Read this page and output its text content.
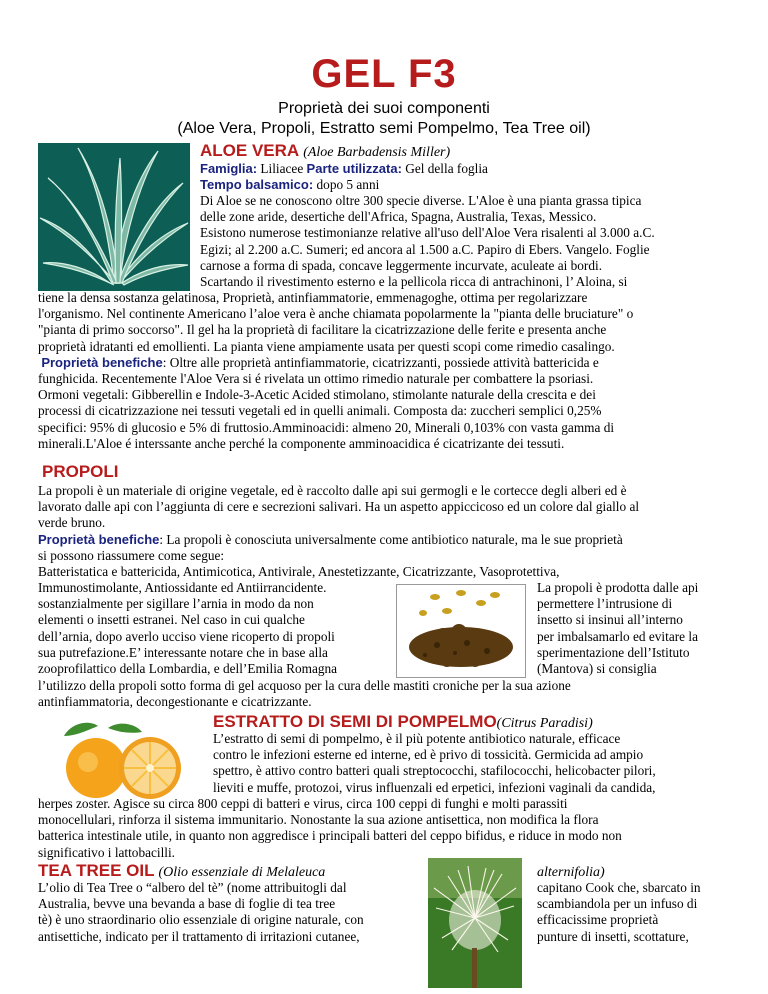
GEL F3
Proprietà dei suoi componenti
(Aloe Vera, Propoli, Estratto semi Pompelmo, Tea Tree oil)
ALOE VERA (Aloe Barbadensis Miller)
Famiglia: Liliacee Parte utilizzata: Gel della foglia
Tempo balsamico: dopo 5 anni
Di Aloe se ne conoscono oltre 300 specie diverse. L'Aloe è una pianta grassa tipica
delle zone aride, desertiche dell'Africa, Spagna, Australia, Texas, Messico.
Esistono numerose testimonianze relative all'uso dell'Aloe Vera risalenti al 3.000 a.C.
Egizi; al 2.200 a.C. Sumeri; ed ancora al 1.500 a.C. Papiro di Ebers. Vangelo. Foglie
carnose a forma di spada, concave leggermente incurvate, aculeate ai bordi.
Scartando il rivestimento esterno e la pellicola ricca di antrachinoni, l’ Aloina, si
tiene la densa sostanza gelatinosa, Proprietà, antinfiammatorie, emmenagoghe, ottima per regolarizzare
l'organismo. Nel continente Americano l’aloe vera è anche chiamata popolarmente la "pianta delle bruciature" o
"pianta di primo soccorso". Il gel ha la proprietà di facilitare la cicatrizzazione delle ferite e presenta anche
proprietà idratanti ed emollienti. La pianta viene ampiamente usata per questi scopi come rimedio casalingo.
Proprietà benefiche: Oltre alle proprietà antinfiammatorie, cicatrizzanti, possiede attività battericida e
funghicida. Recentemente l'Aloe Vera si é rivelata un ottimo rimedio naturale per combattere la psoriasi.
Ormoni vegetali: Gibberellin e Indole-3-Acetic Acided stimolano, stimolante naturale della crescita e dei
processi di cicatrizzazione nei tessuti vegetali ed in quelli animali. Composta da: zuccheri semplici 0,25%
specifici: 95% di glucosio e 5% di fruttosio.Amminoacidi: almeno 20, Minerali 0,103% con vasta gamma di
minerali.L'Aloe é interssante anche perché la componente amminoacidica é cicatrizante dei tessuti.
PROPOLI
La propoli è un materiale di origine vegetale, ed è raccolto dalle api sui germogli e le cortecce degli alberi ed è
lavorato dalle api con l’aggiunta di cere e secrezioni salivari. Ha un aspetto appiccicoso ed un colore dal giallo al
verde bruno.
Proprietà benefiche: La propoli è conosciuta universalmente come antibiotico naturale, ma le sue proprietà
si possono riassumere come segue:
Batteristatica e battericida, Antimicotica, Antivirale, Anestetizzante, Cicatrizzante, Vasoprotettiva,
Immunostimolante, Antiossidante ed Antiirrancidente.
sostanzialmente per sigillare l’arnia in modo da non
elementi o insetti estranei. Nel caso in cui qualche
dell’arnia, dopo averlo ucciso viene ricoperto di propoli
sua putrefazione.E’ interessante notare che in base alla
zooprofilattico della Lombardia, e dell’Emilia Romagna
La propoli è prodotta dalle api
permettere l’intrusione di
insetto si insinui all’interno
per imbalsamarlo ed evitare la
sperimentazione dell’Istituto
(Mantova) si consiglia
l’utilizzo della propoli sotto forma di gel acquoso per la cura delle mastiti croniche per la sua azione
antinfiammatoria, decongestionante e cicatrizzante.
ESTRATTO DI SEMI DI POMPELMO(Citrus Paradisi)
L’estratto di semi di pompelmo, è il più potente antibiotico naturale, efficace
contro le infezioni esterne ed interne, ed è privo di tossicità. Germicida ad ampio
spettro, è attivo contro batteri quali streptococchi, stafilococchi, helicobacter pilori,
lieviti e muffe, protozoi, virus influenzali ed erpetici, infezioni vaginali da candida,
herpes zoster. Agisce su circa 800 ceppi di batteri e virus, circa 100 ceppi di funghi e molti parassiti
monocellulari, rinforza il sistema immunitario. Nonostante la sua azione antisettica, non modifica la flora
batterica intestinale utile, in quanto non aggredisce i principali batteri del ceppo bifidus, e riduce in modo non
significativo i lattobacilli.
TEA TREE OIL (Olio essenziale di Melaleuca	alternifolia)
L’olio di Tea Tree o “albero del tè” (nome attribuitogli dal
Australia, bevve una bevanda a base di foglie di tea tree
tè) è uno straordinario olio essenziale di origine naturale, con
antisettiche, indicato per il trattamento di irritazioni cutanee,
capitano Cook che, sbarcato in
scambiandola per un infuso di
efficacissime proprietà
punture di insetti, scottature,
